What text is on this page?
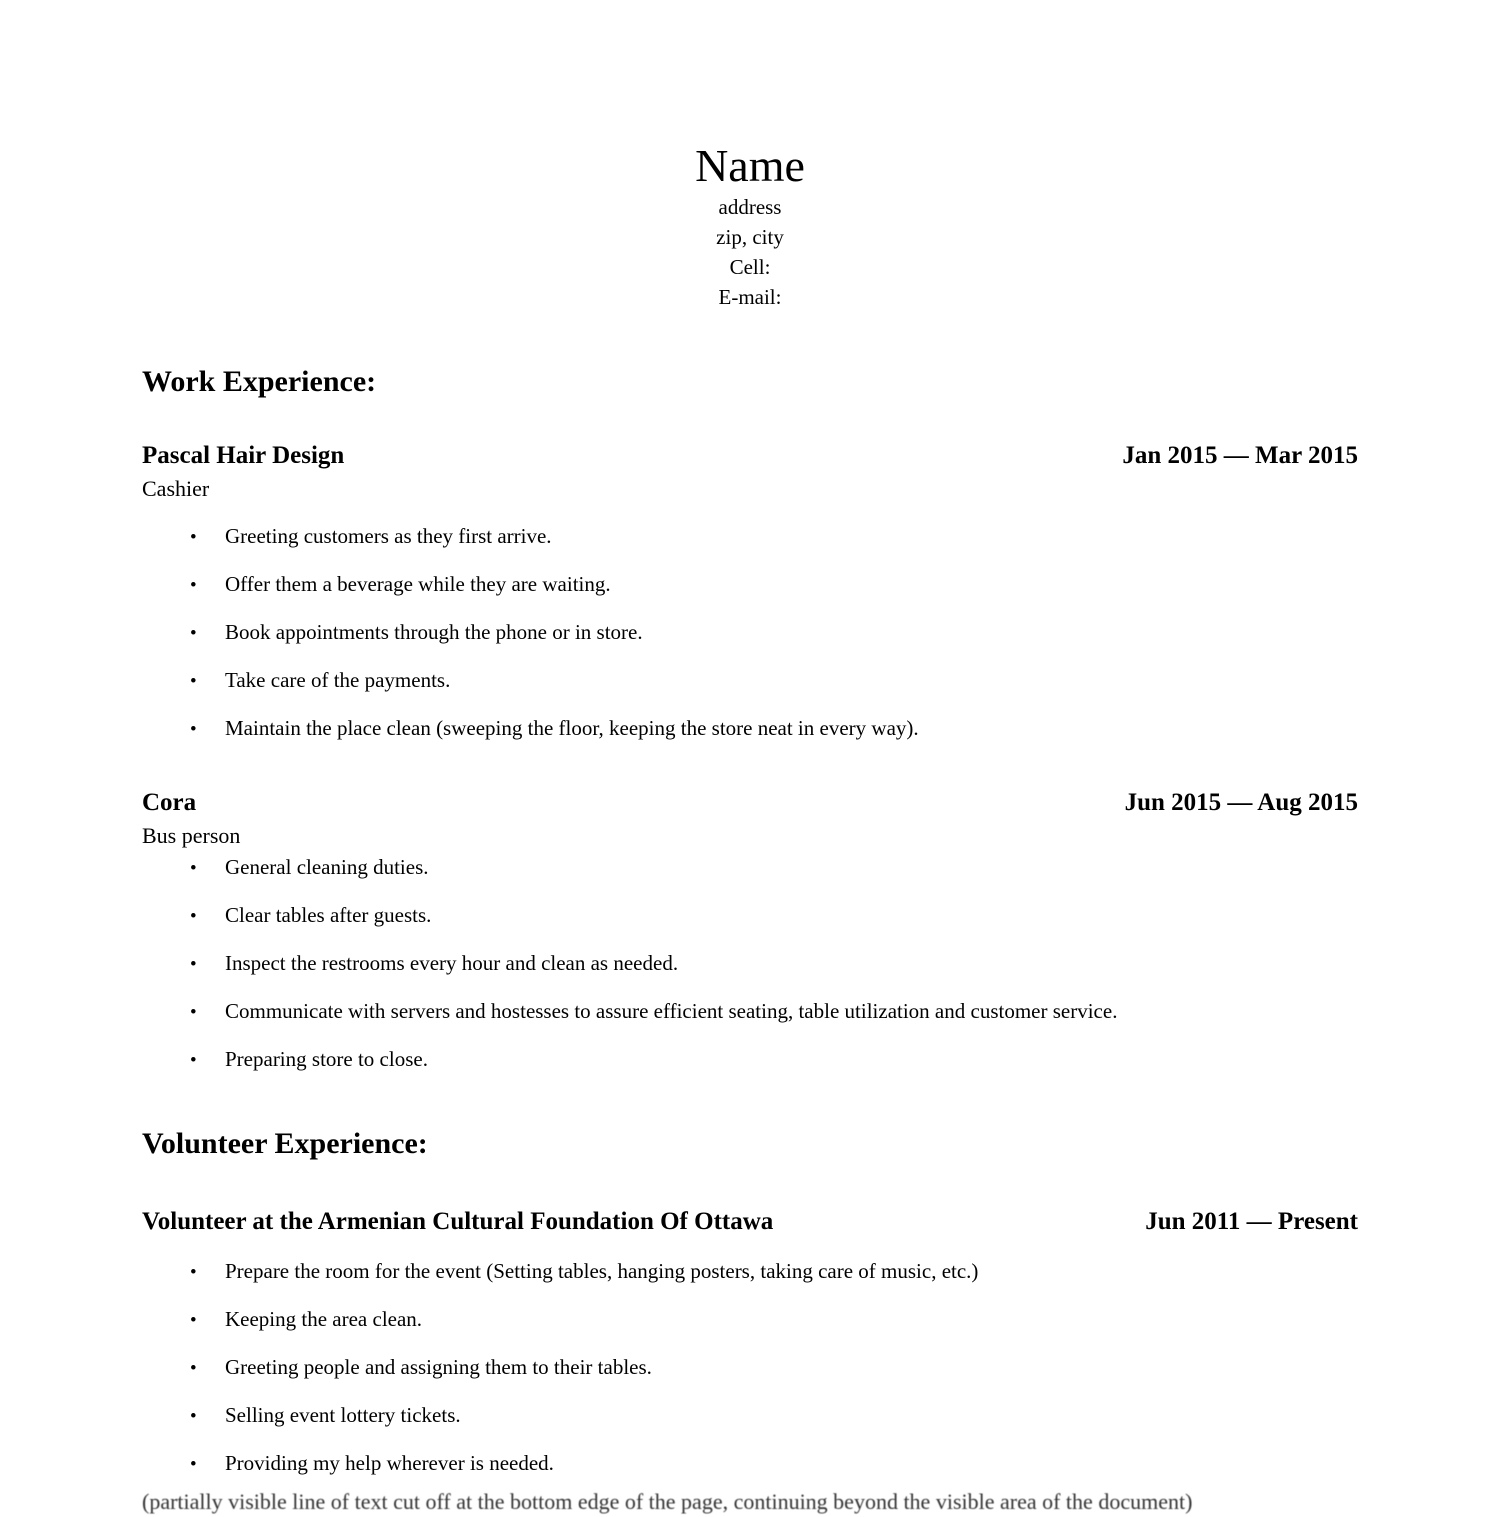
Name
address
zip, city
Cell:
E-mail:
Work Experience:
Pascal Hair Design	Jan 2015 — Mar 2015
Cashier
•	Greeting customers as they first arrive.
•	Offer them a beverage while they are waiting.
•	Book appointments through the phone or in store.
•	Take care of the payments.
•	Maintain the place clean (sweeping the floor, keeping the store neat in every way).
Cora	Jun 2015 — Aug 2015
Bus person
•	General cleaning duties.
•	Clear tables after guests.
•	Inspect the restrooms every hour and clean as needed.
•	Communicate with servers and hostesses to assure efficient seating, table utilization and customer service.
•	Preparing store to close.
Volunteer Experience:
Volunteer at the Armenian Cultural Foundation Of Ottawa	Jun 2011 — Present
•	Prepare the room for the event (Setting tables, hanging posters, taking care of music, etc.)
•	Keeping the area clean.
•	Greeting people and assigning them to their tables.
•	Selling event lottery tickets.
•	Providing my help wherever is needed.
(partially visible line of text cut off at the bottom edge of the page, continuing beyond the visible area of the document)
